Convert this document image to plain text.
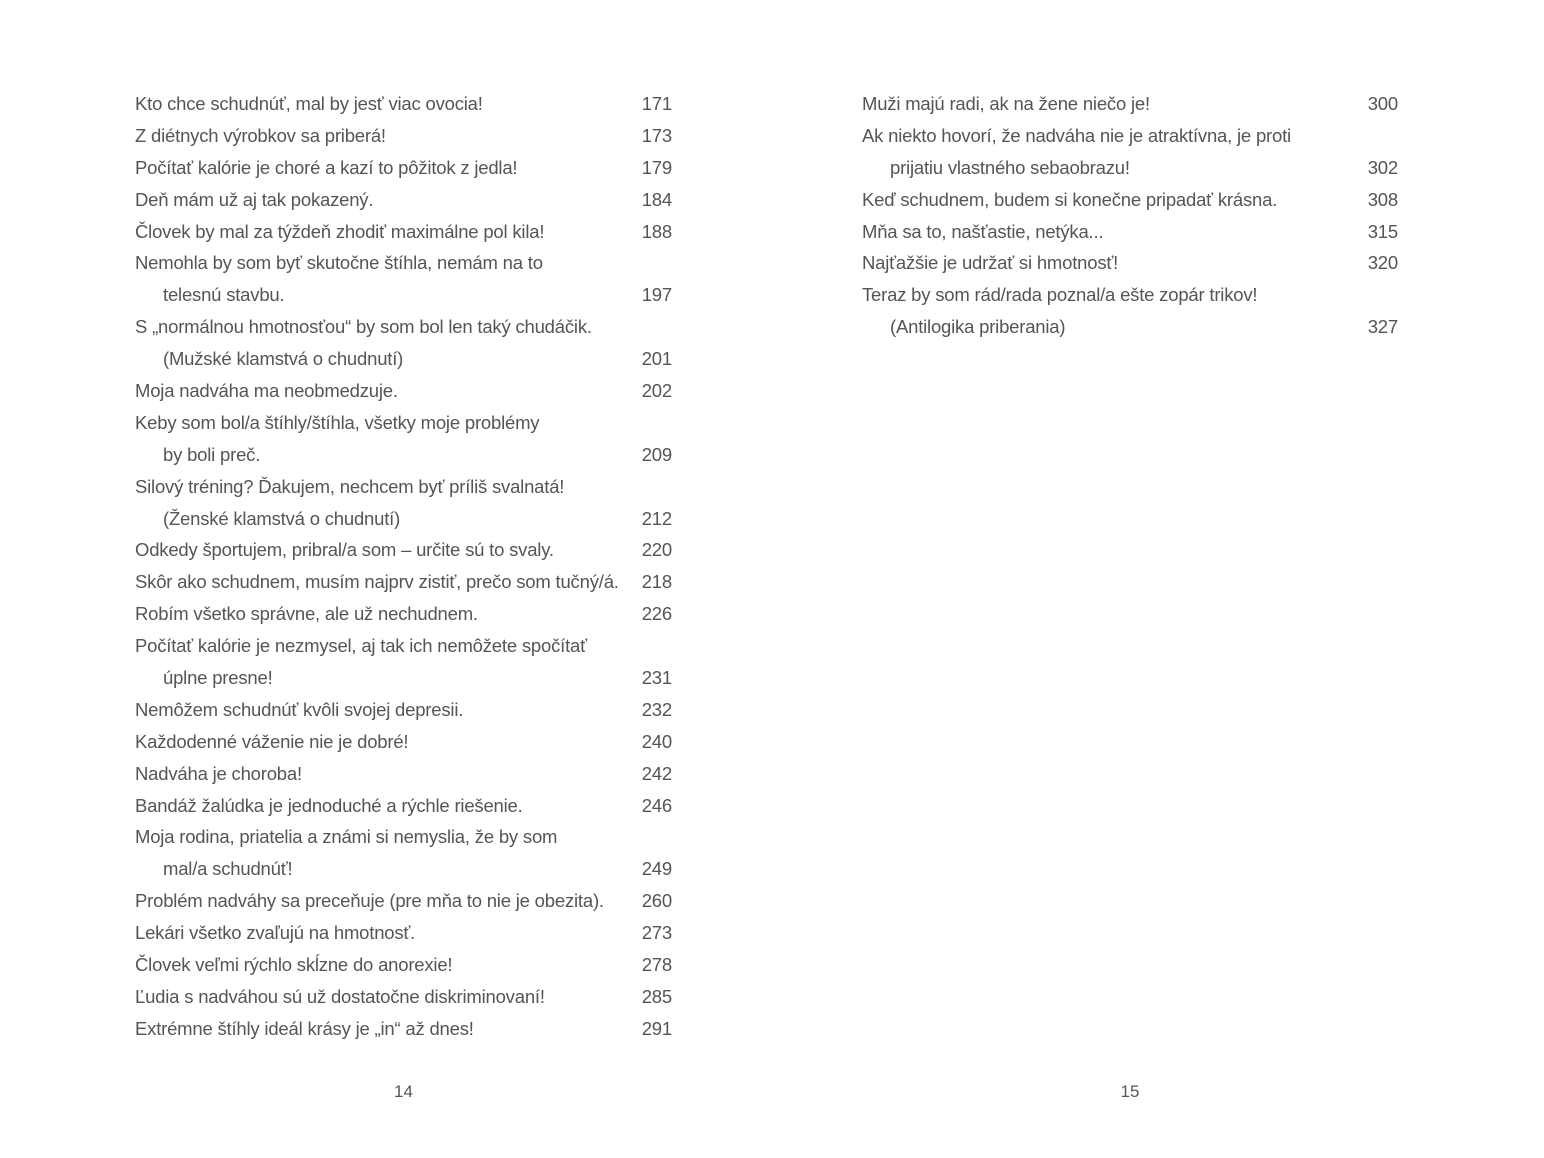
Kto chce schudnúť, mal by jesť viac ovocia!	171
Z diétnych výrobkov sa priberá!	173
Počítať kalórie je choré a kazí to pôžitok z jedla!	179
Deň mám už aj tak pokazený.	184
Človek by mal za týždeň zhodiť maximálne pol kila!	188
Nemohla by som byť skutočne štíhla, nemám na to
telesnú stavbu.	197
S „normálnou hmotnosťou“ by som bol len taký chudáčik.
(Mužské klamstvá o chudnutí)	201
Moja nadváha ma neobmedzuje.	202
Keby som bol/a štíhly/štíhla, všetky moje problémy
by boli preč.	209
Silový tréning? Ďakujem, nechcem byť príliš svalnatá!
(Ženské klamstvá o chudnutí)	212
Odkedy športujem, pribral/a som – určite sú to svaly.	220
Skôr ako schudnem, musím najprv zistiť, prečo som tučný/á.	218
Robím všetko správne, ale už nechudnem.	226
Počítať kalórie je nezmysel, aj tak ich nemôžete spočítať
úplne presne!	231
Nemôžem schudnúť kvôli svojej depresii.	232
Každodenné váženie nie je dobré!	240
Nadváha je choroba!	242
Bandáž žalúdka je jednoduché a rýchle riešenie.	246
Moja rodina, priatelia a známi si nemyslia, že by som
mal/a schudnúť!	249
Problém nadváhy sa preceňuje (pre mňa to nie je obezita).	260
Lekári všetko zvaľujú na hmotnosť.	273
Človek veľmi rýchlo skĺzne do anorexie!	278
Ľudia s nadváhou sú už dostatočne diskriminovaní!	285
Extrémne štíhly ideál krásy je „in“ až dnes!	291
Muži majú radi, ak na žene niečo je!	300
Ak niekto hovorí, že nadváha nie je atraktívna, je proti
prijatiu vlastného sebaobrazu!	302
Keď schudnem, budem si konečne pripadať krásna.	308
Mňa sa to, našťastie, netýka...	315
Najťažšie je udržať si hmotnosť!	320
Teraz by som rád/rada poznal/a ešte zopár trikov!
(Antilogika priberania)	327
14	15
